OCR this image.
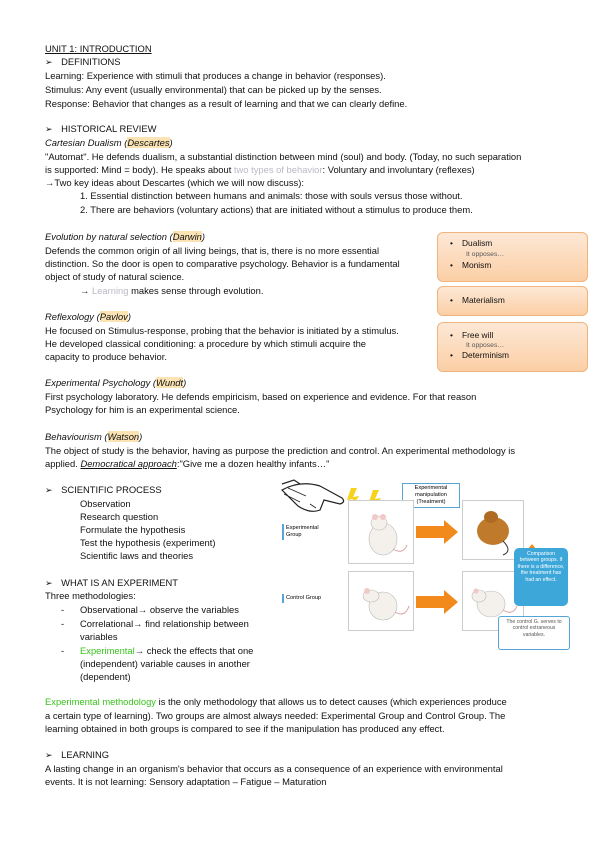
UNIT 1: INTRODUCTION
➢ DEFINITIONS
Learning: Experience with stimuli that produces a change in behavior (responses).
Stimulus: Any event (usually environmental) that can be picked up by the senses.
Response: Behavior that changes as a result of learning and that we can clearly define.
➢ HISTORICAL REVIEW
Cartesian Dualism (Descartes)
"Automat". He defends dualism, a substantial distinction between mind (soul) and body. (Today, no such separation
is supported: Mind = body). He speaks about two types of behavior: Voluntary and involuntary (reflexes)
→Two key ideas about Descartes (which we will now discuss):
1. Essential distinction between humans and animals: those with souls versus those without.
2. There are behaviors (voluntary actions) that are initiated without a stimulus to produce them.
Evolution by natural selection (Darwin)
Defends the common origin of all living beings, that is, there is no more essential
distinction. So the door is open to comparative psychology. Behavior is a fundamental
object of study of natural science.
→ Learning makes sense through evolution.
Reflexology (Pavlov)
He focused on Stimulus-response, probing that the behavior is initiated by a stimulus.
He developed classical conditioning: a procedure by which stimuli acquire the
capacity to produce behavior.
• Dualism
It opposes…
• Monism
• Materialism
• Free will
It opposes…
• Determinism
Experimental Psychology (Wundt)
First psychology laboratory. He defends empiricism, based on experience and evidence. For that reason
Psychology for him is an experimental science.
Behaviourism (Watson)
The object of study is the behavior, having as purpose the prediction and control. An experimental methodology is
applied. Democratical approach:"Give me a dozen healthy infants…"
➢ SCIENTIFIC PROCESS
Observation
Research question
Formulate the hypothesis
Test the hypothesis (experiment)
Scientific laws and theories
➢ WHAT IS AN EXPERIMENT
Three methodologies:
- Observational→ observe the variables
- Correlational→ find relationship between
variables
- Experimental→ check the effects that one
(independent) variable causes in another
(dependent)
Experimental manipulation (Treatment)
Experimental Group
Control Group
Comparison between groups. If there is a difference, the treatment has had an effect.
The control G. serves to control extraneous variables.
Experimental methodology is the only methodology that allows us to detect causes (which experiences produce
a certain type of learning). Two groups are almost always needed: Experimental Group and Control Group. The
learning obtained in both groups is compared to see if the manipulation has produced any effect.
➢ LEARNING
A lasting change in an organism's behavior that occurs as a consequence of an experience with environmental
events. It is not learning: Sensory adaptation – Fatigue – Maturation
